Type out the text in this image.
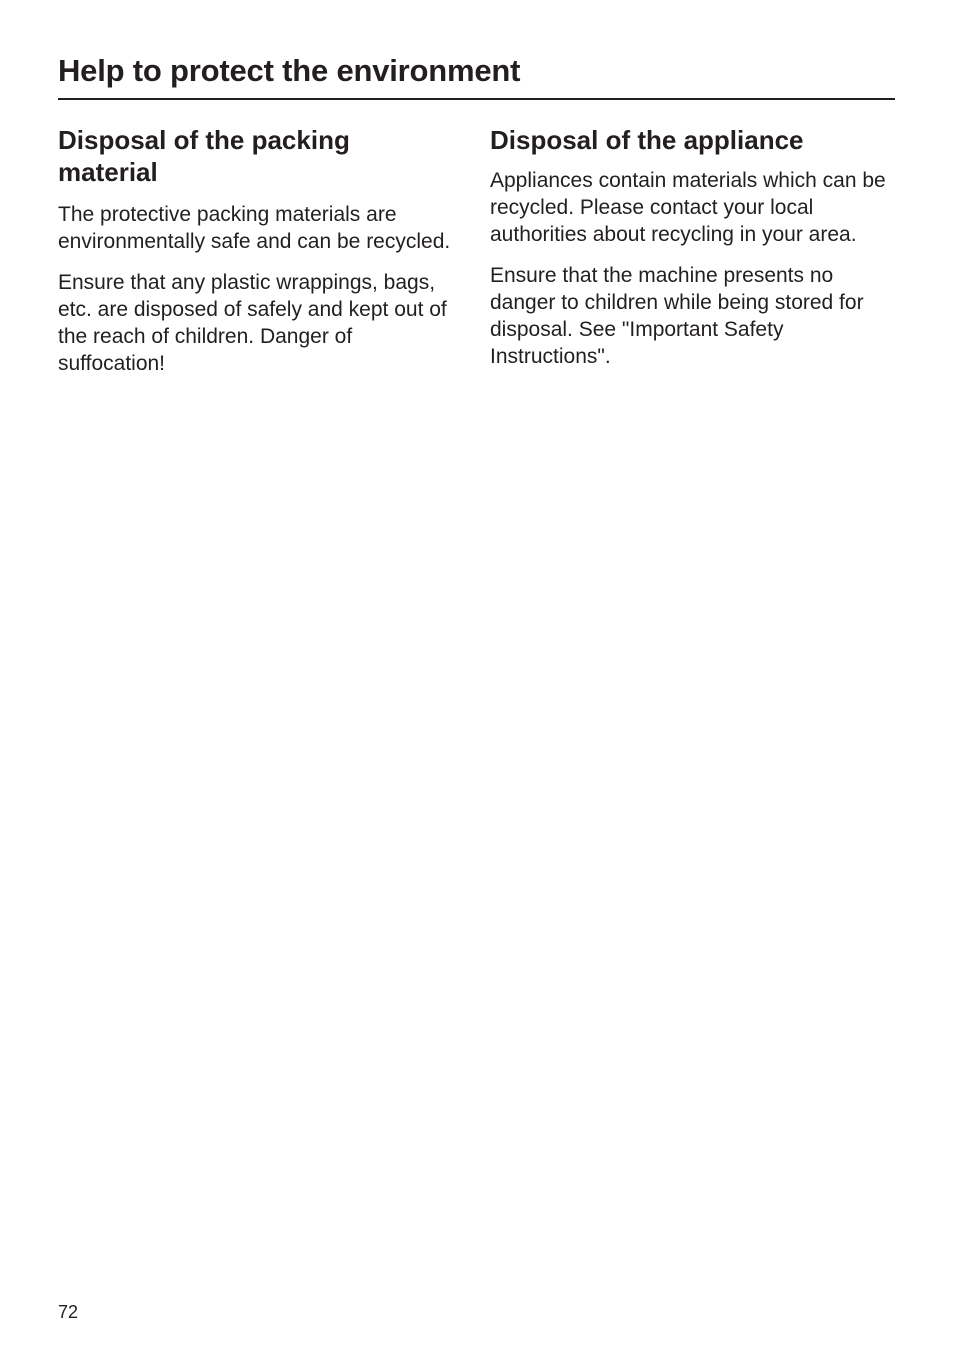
Help to protect the environment
Disposal of the packing material

The protective packing materials are environmentally safe and can be recycled.

Ensure that any plastic wrappings, bags, etc. are disposed of safely and kept out of the reach of children. Danger of suffocation!

Disposal of the appliance

Appliances contain materials which can be recycled. Please contact your local authorities about recycling in your area.

Ensure that the machine presents no danger to children while being stored for disposal. See "Important Safety Instructions".

72
